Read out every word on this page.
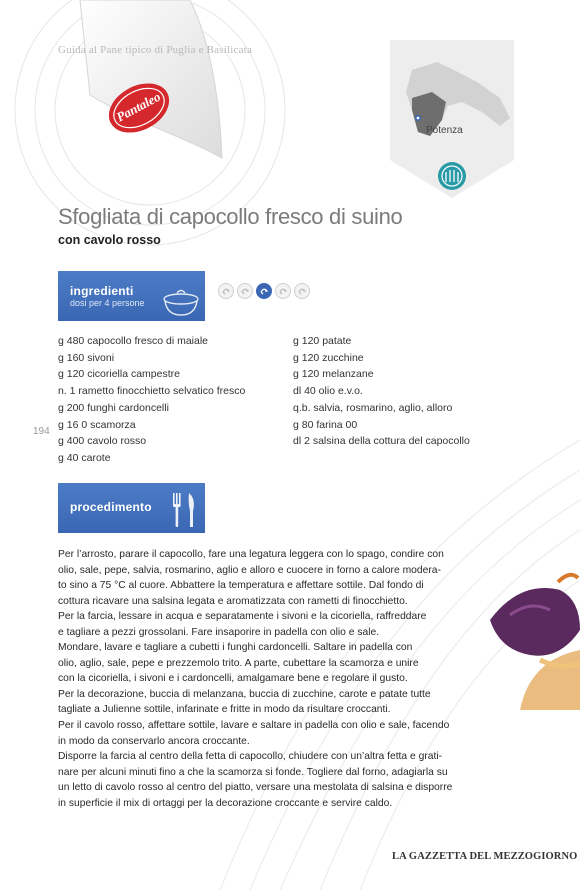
Pantaleo
Guida al Pane tipico di Puglia e Basilicata
Potenza
Sfogliata di capocollo fresco di suino
con cavolo rosso
ingredienti
dosi per 4 persone
g 480 capocollo fresco di maiale
g 160 sivoni
g 120 cicoriella campestre
n. 1 rametto finocchietto selvatico fresco
g 200 funghi cardoncelli
g 16 0 scamorza
g 400 cavolo rosso
g 40 carote
g 120 patate
g 120 zucchine
g 120 melanzane
dl 40 olio e.v.o.
q.b. salvia, rosmarino, aglio, alloro
g 80 farina 00
dl 2 salsina della cottura del capocollo
194
procedimento
Per l’arrosto, parare il capocollo, fare una legatura leggera con lo spago, condire con
olio, sale, pepe, salvia, rosmarino, aglio e alloro e cuocere in forno a calore modera-
to sino a 75 °C al cuore. Abbattere la temperatura e affettare sottile. Dal fondo di
cottura ricavare una salsina legata e aromatizzata con rametti di finocchietto.
Per la farcia, lessare in acqua e separatamente i sivoni e la cicoriella, raffreddare
e tagliare a pezzi grossolani. Fare insaporire in padella con olio e sale.
Mondare, lavare e tagliare a cubetti i funghi cardoncelli. Saltare in padella con
olio, aglio, sale, pepe e prezzemolo trito. A parte, cubettare la scamorza e unire
con la cicoriella, i sivoni e i cardoncelli, amalgamare bene e regolare il gusto.
Per la decorazione, buccia di melanzana, buccia di zucchine, carote e patate tutte
tagliate a Julienne sottile, infarinate e fritte in modo da risultare croccanti.
Per il cavolo rosso, affettare sottile, lavare e saltare in padella con olio e sale, facendo
in modo da conservarlo ancora croccante.
Disporre la farcia al centro della fetta di capocollo, chiudere con un’altra fetta e grati-
nare per alcuni minuti fino a che la scamorza si fonde. Togliere dal forno, adagiarla su
un letto di cavolo rosso al centro del piatto, versare una mestolata di salsina e disporre
in superficie il mix di ortaggi per la decorazione croccante e servire caldo.
LA GAZZETTA DEL MEZZOGIORNO
